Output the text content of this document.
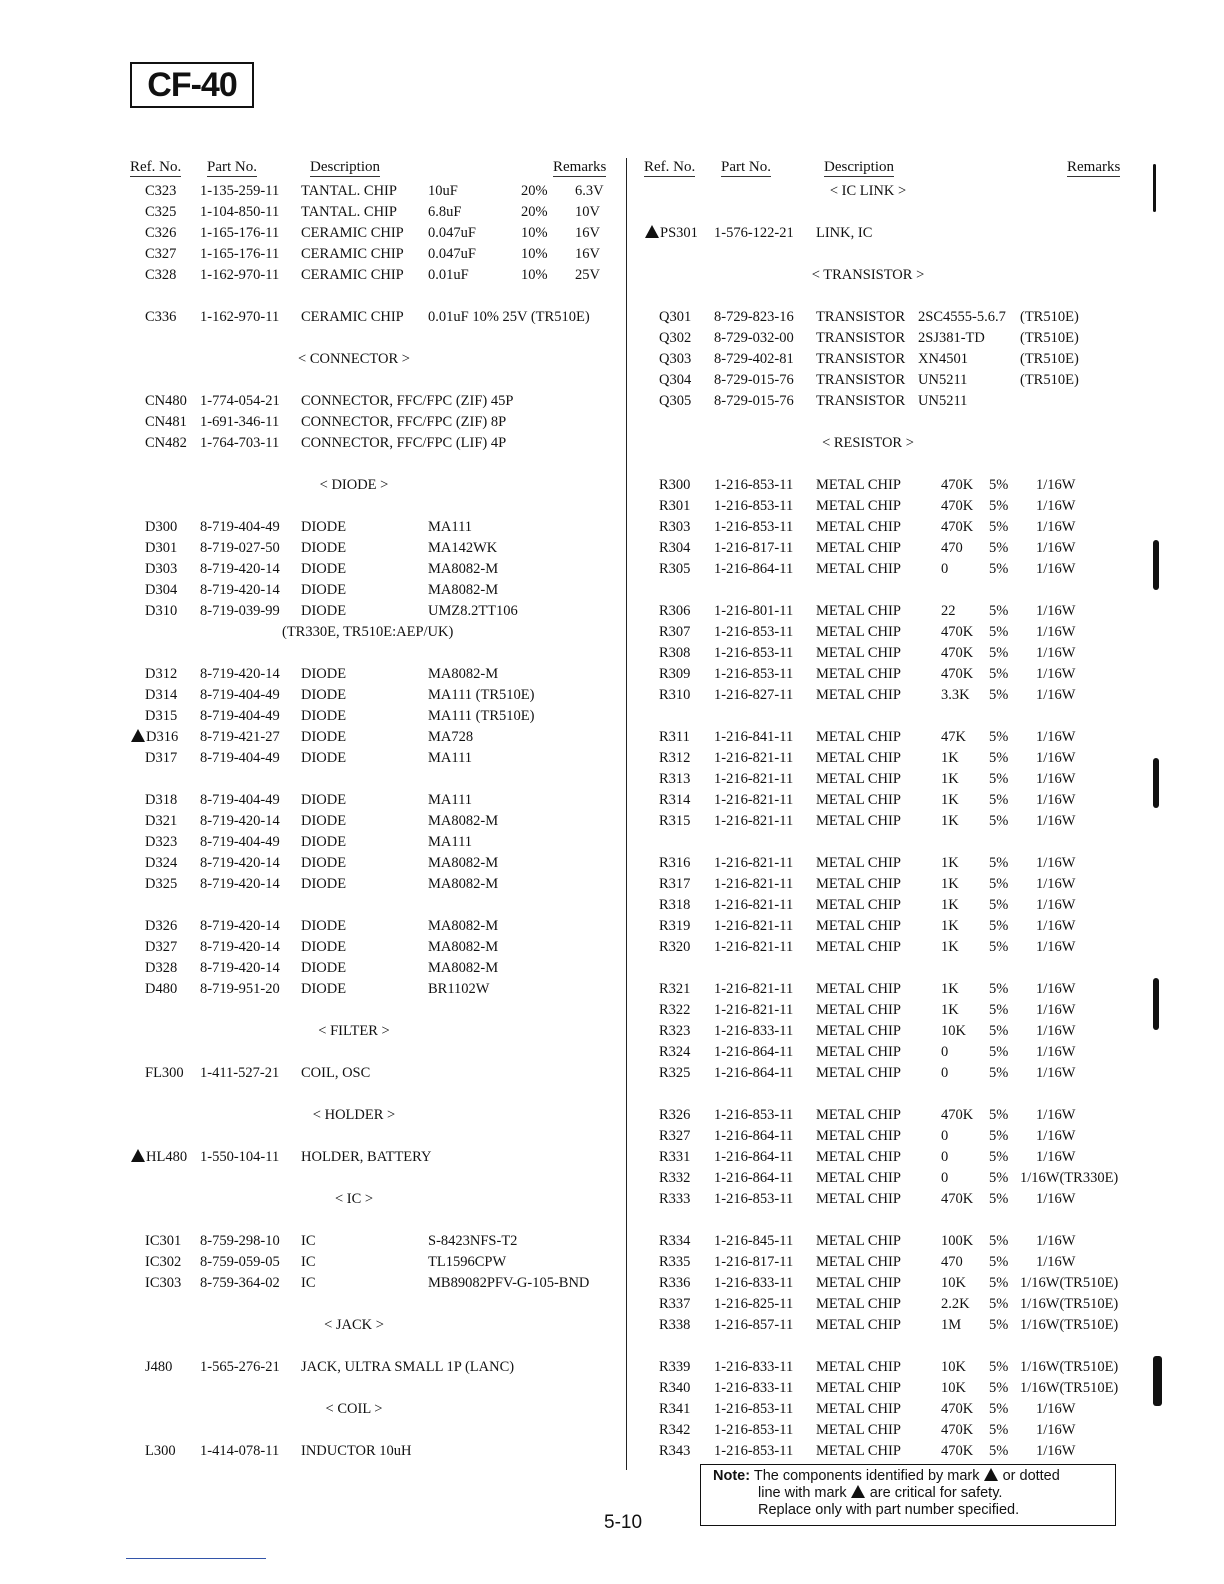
CF-40
Ref. No. Part No.	Description	Remarks	Ref. No. Part No.	Description	Remarks
C323 1-135-259-11 TANTAL. CHIP 10uF	20% 6.3V
C325 1-104-850-11 TANTAL. CHIP 6.8uF	20% 10V
C326 1-165-176-11 CERAMIC CHIP 0.047uF	10% 16V
C327 1-165-176-11 CERAMIC CHIP 0.047uF	10% 16V
C328 1-162-970-11 CERAMIC CHIP 0.01uF	10% 25V
C336 1-162-970-11 CERAMIC CHIP 0.01uF 10% 25V (TR510E)
< CONNECTOR >
CN480 1-774-054-21 CONNECTOR, FFC/FPC (ZIF) 45P
CN481 1-691-346-11 CONNECTOR, FFC/FPC (ZIF) 8P
CN482 1-764-703-11 CONNECTOR, FFC/FPC (LIF) 4P
< DIODE >
D300 8-719-404-49 DIODE	MA111
D301 8-719-027-50 DIODE	MA142WK
D303 8-719-420-14 DIODE	MA8082-M
D304 8-719-420-14 DIODE	MA8082-M
D310 8-719-039-99 DIODE	UMZ8.2TT106
(TR330E, TR510E:AEP/UK)
D312 8-719-420-14 DIODE	MA8082-M
D314 8-719-404-49 DIODE	MA111 (TR510E)
D315 8-719-404-49 DIODE	MA111 (TR510E)
D316 8-719-421-27 DIODE	MA728
D317 8-719-404-49 DIODE	MA111
D318 8-719-404-49 DIODE	MA111
D321 8-719-420-14 DIODE	MA8082-M
D323 8-719-404-49 DIODE	MA111
D324 8-719-420-14 DIODE	MA8082-M
D325 8-719-420-14 DIODE	MA8082-M
D326 8-719-420-14 DIODE	MA8082-M
D327 8-719-420-14 DIODE	MA8082-M
D328 8-719-420-14 DIODE	MA8082-M
D480 8-719-951-20 DIODE	BR1102W
< FILTER >
FL300 1-411-527-21 COIL, OSC
< HOLDER >
HL480 1-550-104-11 HOLDER, BATTERY
< IC >
IC301 8-759-298-10 IC	S-8423NFS-T2
IC302 8-759-059-05 IC	TL1596CPW
IC303 8-759-364-02 IC	MB89082PFV-G-105-BND
< JACK >
J480 1-565-276-21 JACK, ULTRA SMALL 1P (LANC)
< COIL >
L300 1-414-078-11 INDUCTOR 10uH
< IC LINK >
PS301 1-576-122-21 LINK, IC
< TRANSISTOR >
Q301 8-729-823-16 TRANSISTOR 2SC4555-5.6.7 (TR510E)
Q302 8-729-032-00 TRANSISTOR 2SJ381-TD (TR510E)
Q303 8-729-402-81 TRANSISTOR XN4501	(TR510E)
Q304 8-729-015-76 TRANSISTOR UN5211	(TR510E)
Q305 8-729-015-76 TRANSISTOR UN5211
< RESISTOR >
R300 1-216-853-11 METAL CHIP	470K 5% 1/16W
R301 1-216-853-11 METAL CHIP	470K 5% 1/16W
R303 1-216-853-11 METAL CHIP	470K 5% 1/16W
R304 1-216-817-11 METAL CHIP	470 5% 1/16W
R305 1-216-864-11 METAL CHIP	0	5% 1/16W
R306 1-216-801-11 METAL CHIP	22 5% 1/16W
R307 1-216-853-11 METAL CHIP	470K 5% 1/16W
R308 1-216-853-11 METAL CHIP	470K 5% 1/16W
R309 1-216-853-11 METAL CHIP	470K 5% 1/16W
R310 1-216-827-11 METAL CHIP	3.3K 5% 1/16W
R311 1-216-841-11 METAL CHIP	47K 5% 1/16W
R312 1-216-821-11 METAL CHIP	1K 5% 1/16W
R313 1-216-821-11 METAL CHIP	1K 5% 1/16W
R314 1-216-821-11 METAL CHIP	1K 5% 1/16W
R315 1-216-821-11 METAL CHIP	1K 5% 1/16W
R316 1-216-821-11 METAL CHIP	1K 5% 1/16W
R317 1-216-821-11 METAL CHIP	1K 5% 1/16W
R318 1-216-821-11 METAL CHIP	1K 5% 1/16W
R319 1-216-821-11 METAL CHIP	1K 5% 1/16W
R320 1-216-821-11 METAL CHIP	1K 5% 1/16W
R321 1-216-821-11 METAL CHIP	1K 5% 1/16W
R322 1-216-821-11 METAL CHIP	1K 5% 1/16W
R323 1-216-833-11 METAL CHIP	10K 5% 1/16W
R324 1-216-864-11 METAL CHIP	0	5% 1/16W
R325 1-216-864-11 METAL CHIP	0	5% 1/16W
R326 1-216-853-11 METAL CHIP	470K 5% 1/16W
R327 1-216-864-11 METAL CHIP	0	5% 1/16W
R331 1-216-864-11 METAL CHIP	0	5% 1/16W
R332 1-216-864-11 METAL CHIP	0	5% 1/16W(TR330E)
R333 1-216-853-11 METAL CHIP	470K 5% 1/16W
R334 1-216-845-11 METAL CHIP	100K 5% 1/16W
R335 1-216-817-11 METAL CHIP	470 5% 1/16W
R336 1-216-833-11 METAL CHIP	10K 5% 1/16W(TR510E)
R337 1-216-825-11 METAL CHIP	2.2K 5% 1/16W(TR510E)
R338 1-216-857-11 METAL CHIP	1M 5% 1/16W(TR510E)
R339 1-216-833-11 METAL CHIP	10K 5% 1/16W(TR510E)
R340 1-216-833-11 METAL CHIP	10K 5% 1/16W(TR510E)
R341 1-216-853-11 METAL CHIP	470K 5% 1/16W
R342 1-216-853-11 METAL CHIP	470K 5% 1/16W
R343 1-216-853-11 METAL CHIP	470K 5% 1/16W
Note: The components identified by mark or dotted
line with mark are critical for safety.
Replace only with part number specified.
5-10
